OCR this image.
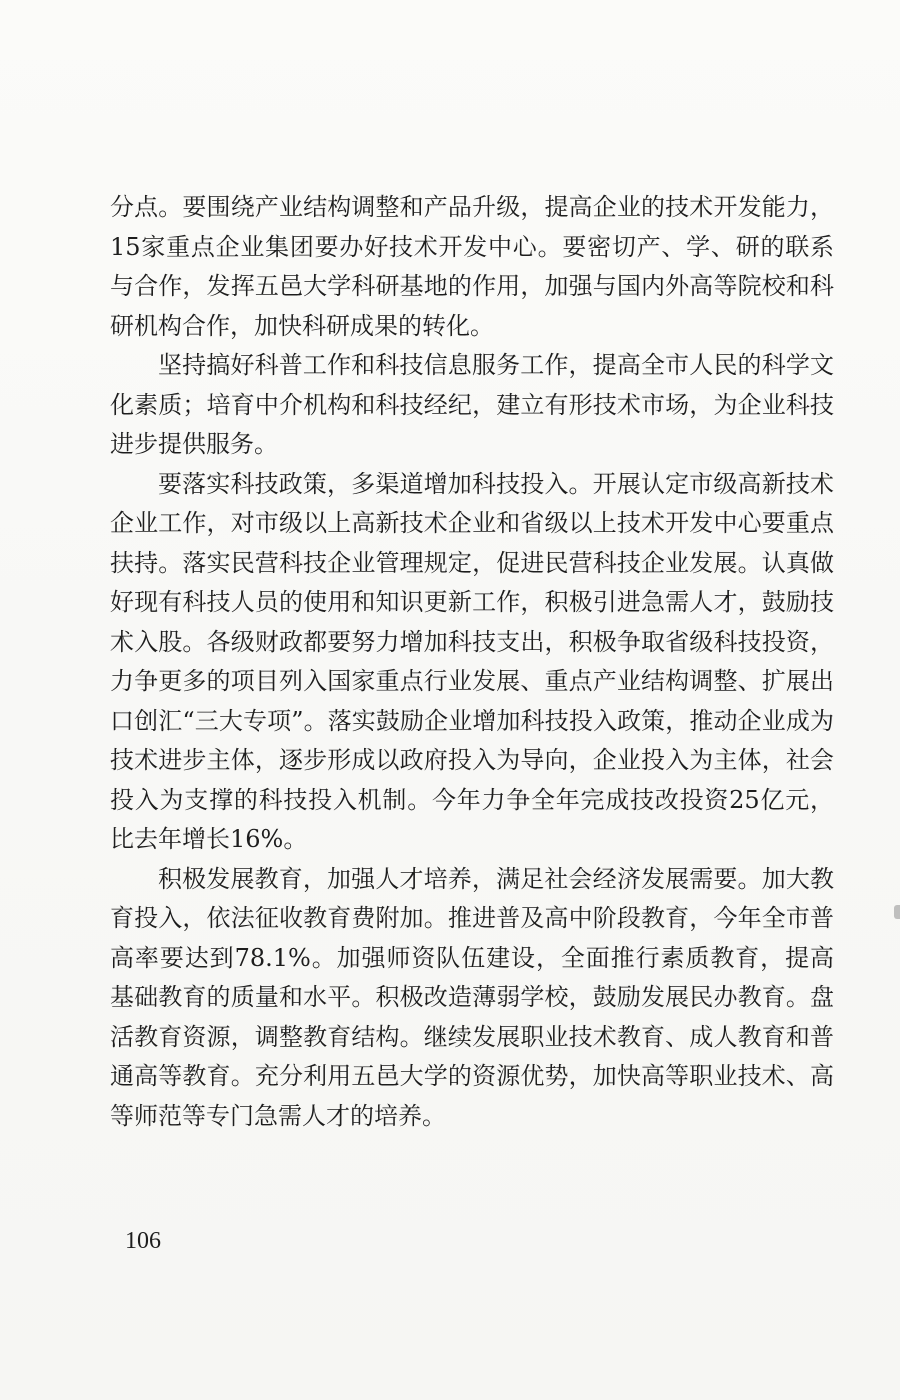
分点。要围绕产业结构调整和产品升级，提高企业的技术开发能力，15家重点企业集团要办好技术开发中心。要密切产、学、研的联系与合作，发挥五邑大学科研基地的作用，加强与国内外高等院校和科研机构合作，加快科研成果的转化。

坚持搞好科普工作和科技信息服务工作，提高全市人民的科学文化素质；培育中介机构和科技经纪，建立有形技术市场，为企业科技进步提供服务。

要落实科技政策，多渠道增加科技投入。开展认定市级高新技术企业工作，对市级以上高新技术企业和省级以上技术开发中心要重点扶持。落实民营科技企业管理规定，促进民营科技企业发展。认真做好现有科技人员的使用和知识更新工作，积极引进急需人才，鼓励技术入股。各级财政都要努力增加科技支出，积极争取省级科技投资，力争更多的项目列入国家重点行业发展、重点产业结构调整、扩展出口创汇“三大专项”。落实鼓励企业增加科技投入政策，推动企业成为技术进步主体，逐步形成以政府投入为导向，企业投入为主体，社会投入为支撑的科技投入机制。今年力争全年完成技改投资25亿元，比去年增长16%。

积极发展教育，加强人才培养，满足社会经济发展需要。加大教育投入，依法征收教育费附加。推进普及高中阶段教育，今年全市普高率要达到78.1%。加强师资队伍建设，全面推行素质教育，提高基础教育的质量和水平。积极改造薄弱学校，鼓励发展民办教育。盘活教育资源，调整教育结构。继续发展职业技术教育、成人教育和普通高等教育。充分利用五邑大学的资源优势，加快高等职业技术、高等师范等专门急需人才的培养。

106
